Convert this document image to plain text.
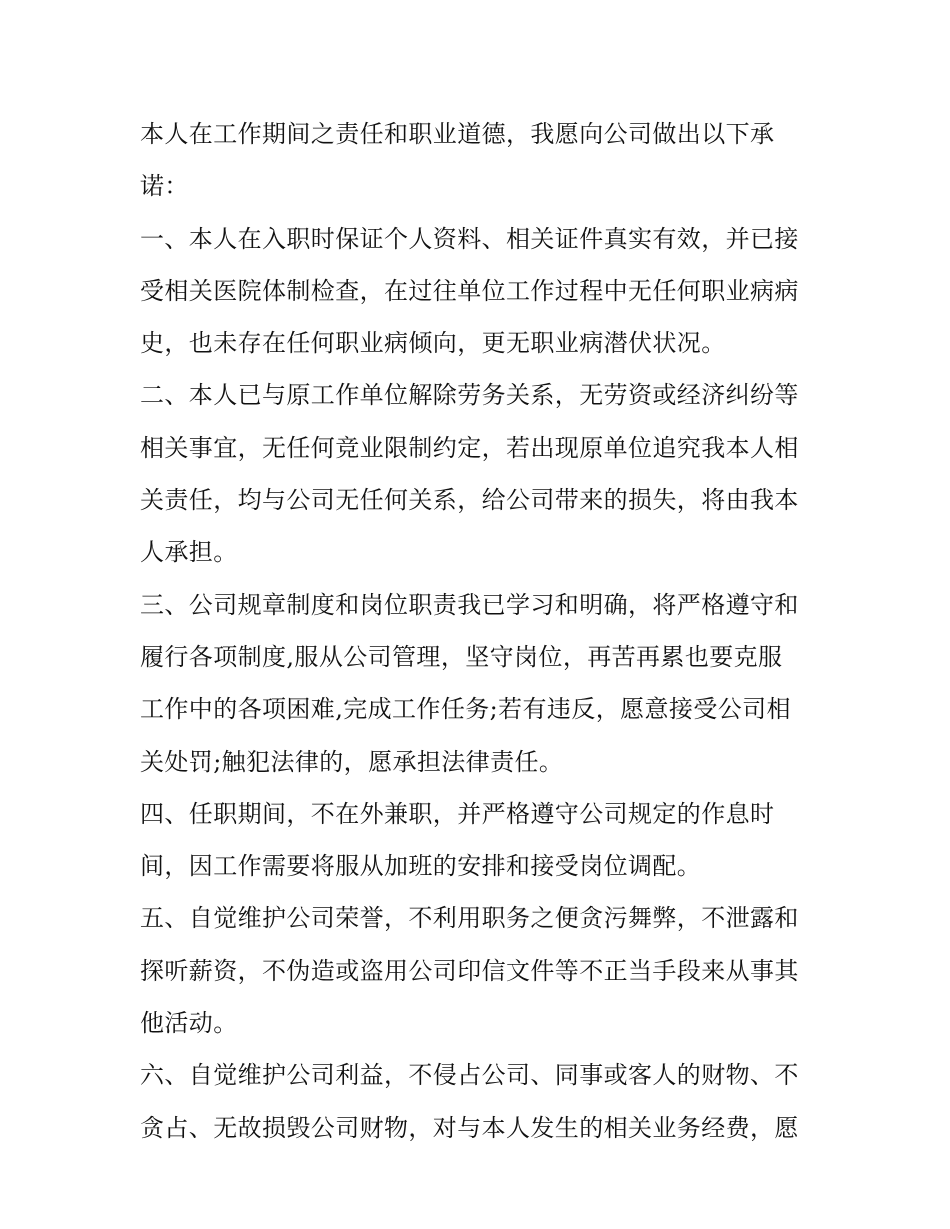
本人在工作期间之责任和职业道德，我愿向公司做出以下承
诺：
一、本人在入职时保证个人资料、相关证件真实有效，并已接
受相关医院体制检查，在过往单位工作过程中无任何职业病病
史，也未存在任何职业病倾向，更无职业病潜伏状况。
二、本人已与原工作单位解除劳务关系，无劳资或经济纠纷等
相关事宜，无任何竞业限制约定，若出现原单位追究我本人相
关责任，均与公司无任何关系，给公司带来的损失，将由我本
人承担。
三、公司规章制度和岗位职责我已学习和明确，将严格遵守和
履行各项制度,服从公司管理，坚守岗位，再苦再累也要克服
工作中的各项困难,完成工作任务;若有违反，愿意接受公司相
关处罚;触犯法律的，愿承担法律责任。
四、任职期间，不在外兼职，并严格遵守公司规定的作息时
间，因工作需要将服从加班的安排和接受岗位调配。
五、自觉维护公司荣誉，不利用职务之便贪污舞弊，不泄露和
探听薪资，不伪造或盗用公司印信文件等不正当手段来从事其
他活动。
六、自觉维护公司利益，不侵占公司、同事或客人的财物、不
贪占、无故损毁公司财物，对与本人发生的相关业务经费，愿
